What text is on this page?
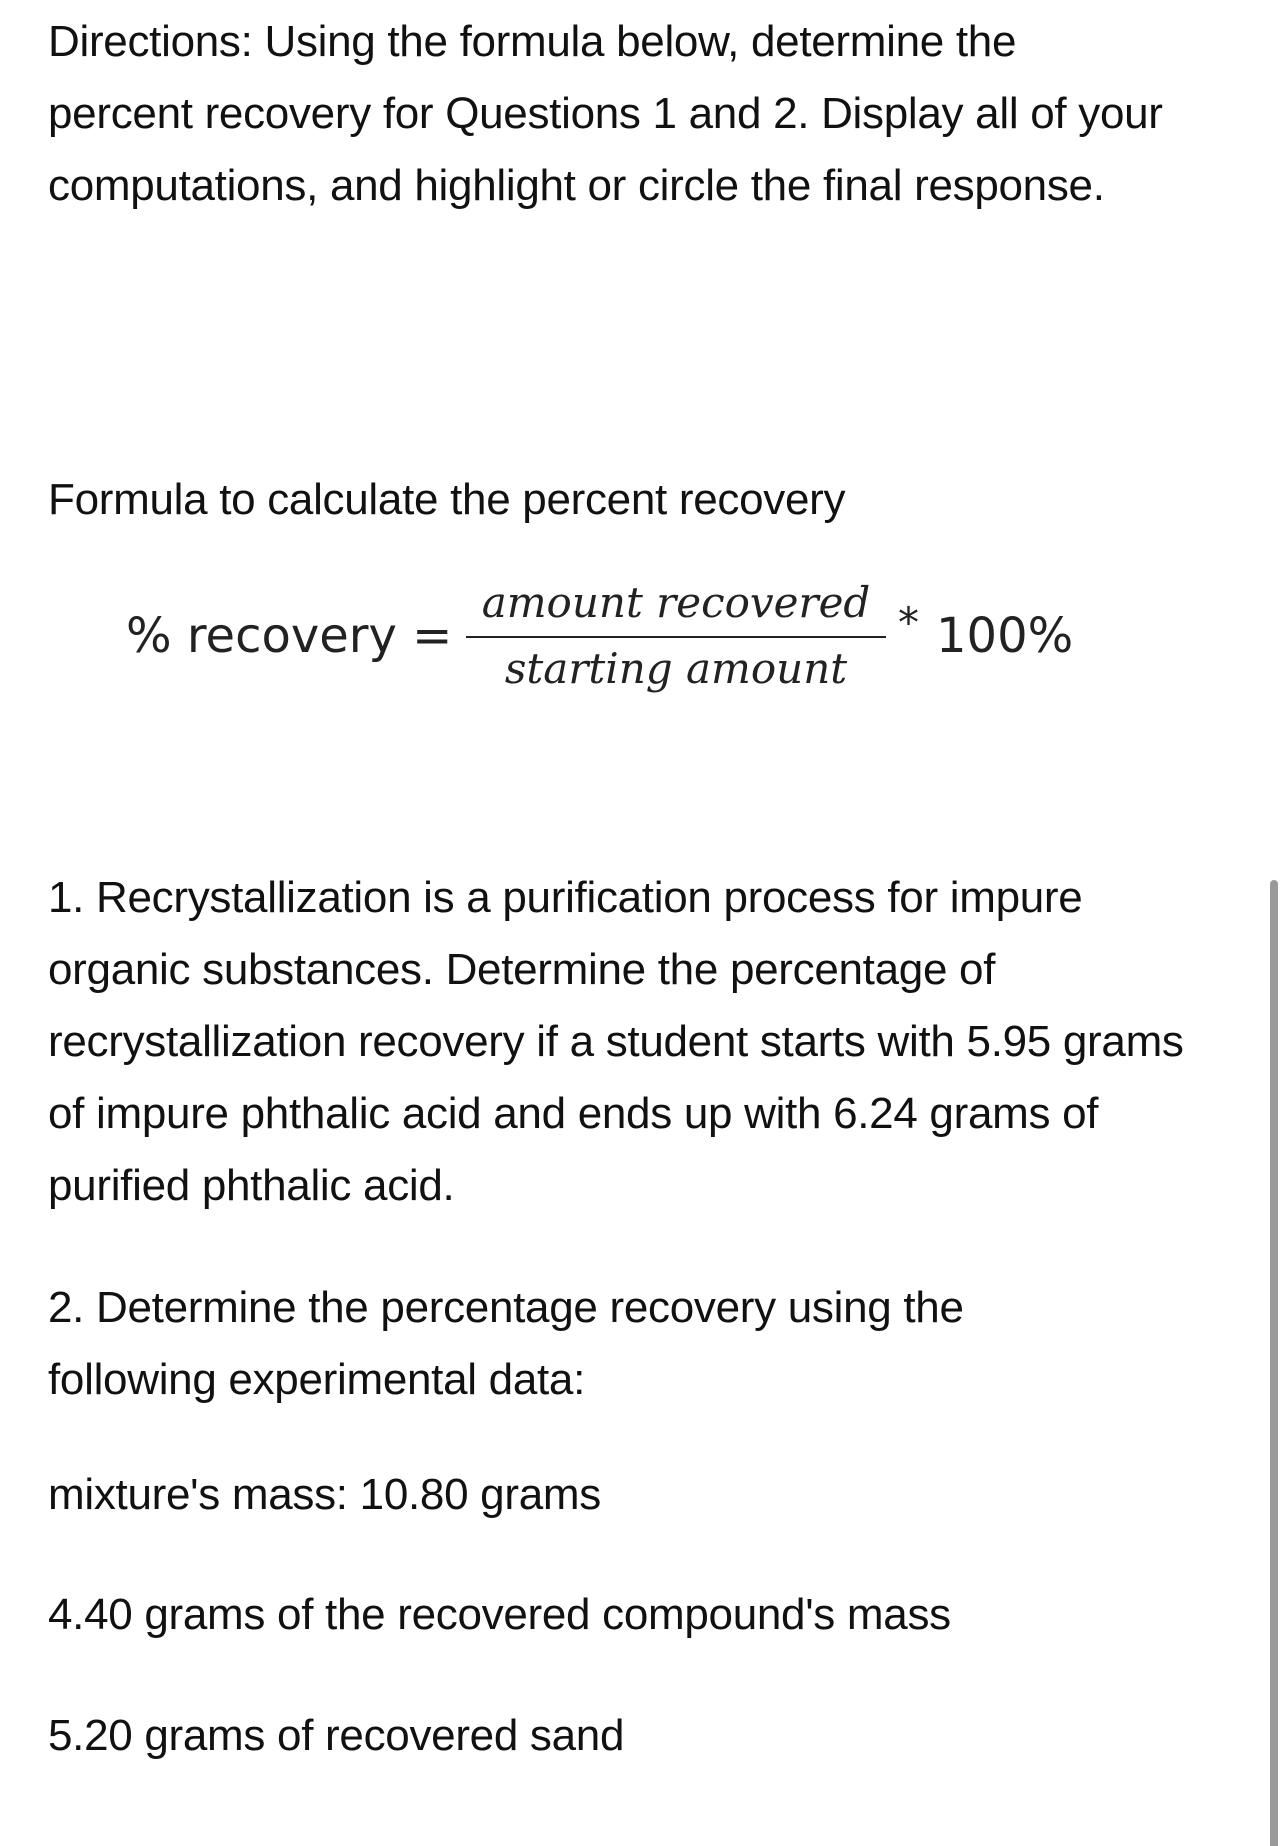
Directions: Using the formula below, determine the percent recovery for Questions 1 and 2. Display all of your computations, and highlight or circle the final response.

Formula to calculate the percent recovery

% recovery =
amount recovered
starting amount
* 100%

1. Recrystallization is a purification process for impure organic substances. Determine the percentage of recrystallization recovery if a student starts with 5.95 grams of impure phthalic acid and ends up with 6.24 grams of purified phthalic acid.

2. Determine the percentage recovery using the following experimental data:

mixture's mass: 10.80 grams

4.40 grams of the recovered compound's mass

5.20 grams of recovered sand
